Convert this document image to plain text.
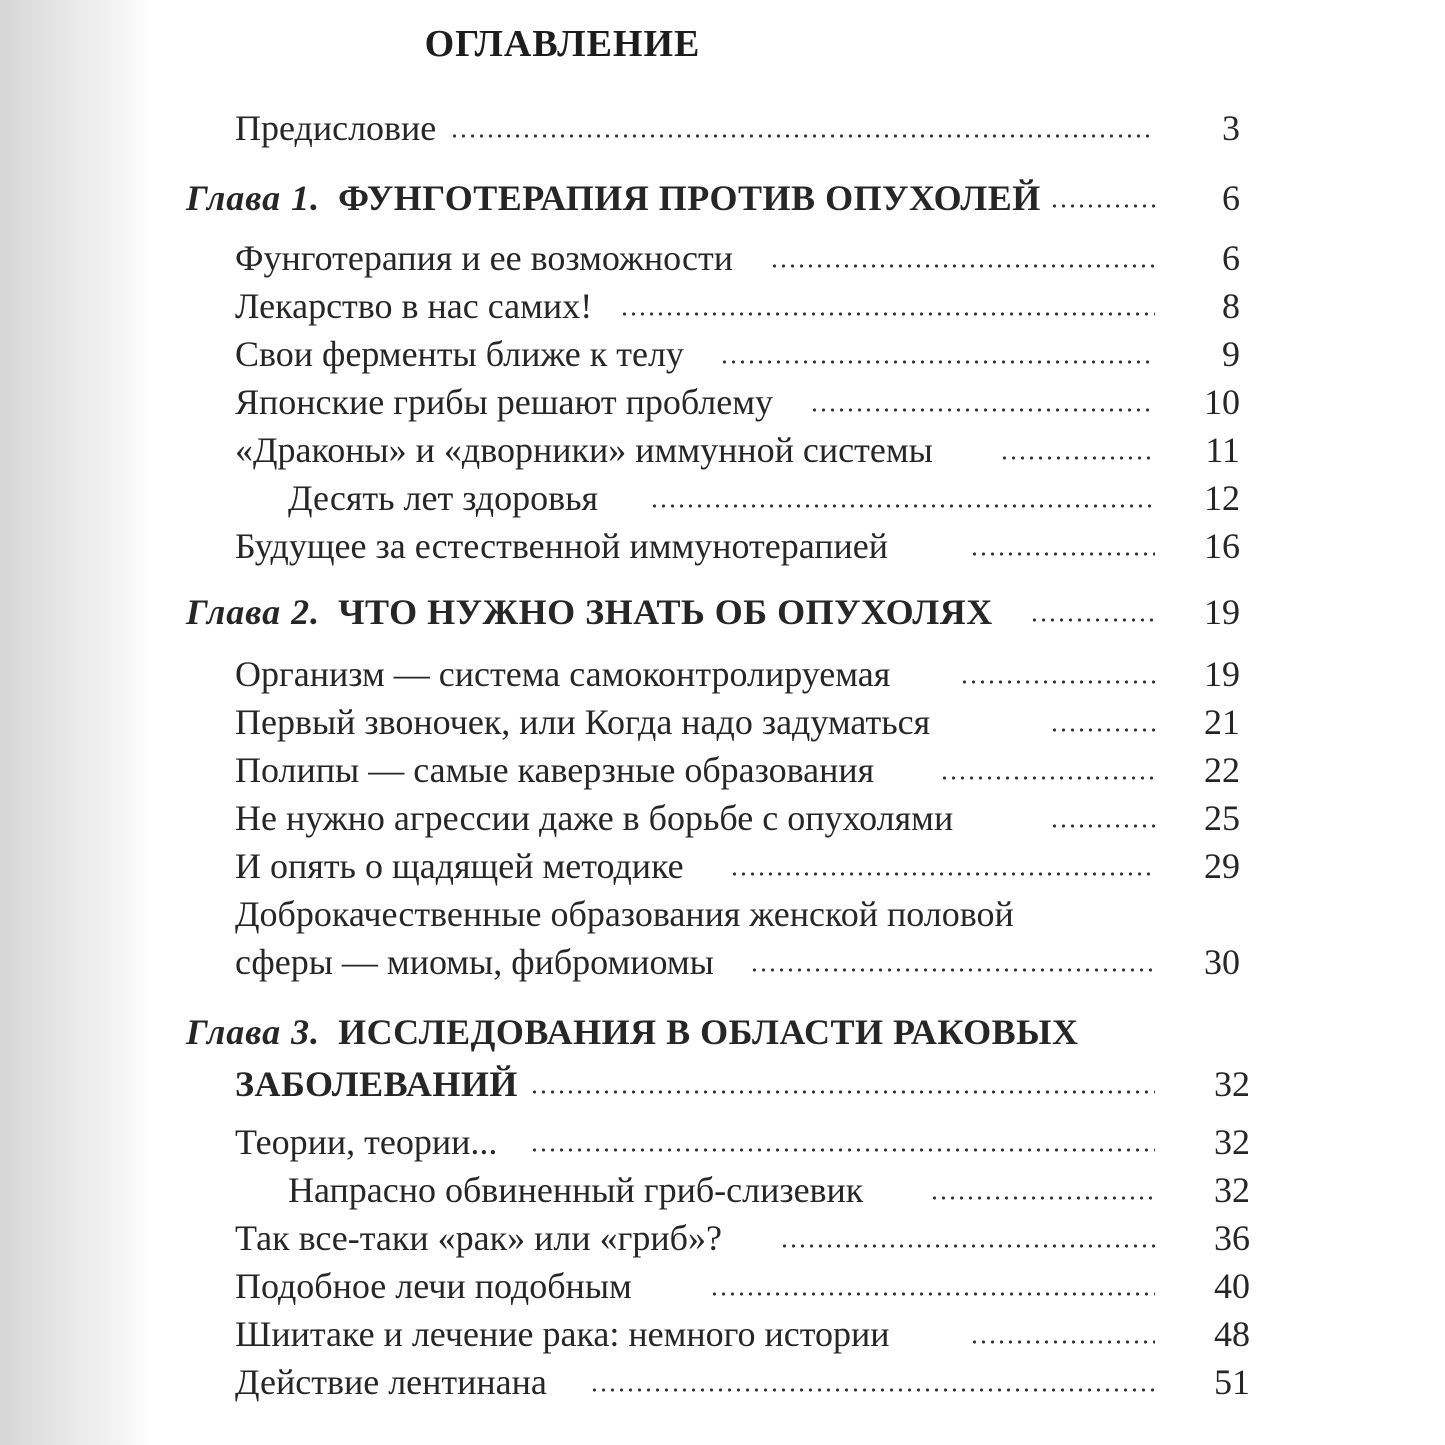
ОГЛАВЛЕНИЕ
Предисловие	3
Глава 1. ФУНГОТЕРАПИЯ ПРОТИВ ОПУХОЛЕЙ	6
Фунготерапия и ее возможности	6
Лекарство в нас самих!	8
Свои ферменты ближе к телу	9
Японские грибы решают проблему	10
«Драконы» и «дворники» иммунной системы	11
Десять лет здоровья	12
Будущее за естественной иммунотерапией	16
Глава 2. ЧТО НУЖНО ЗНАТЬ ОБ ОПУХОЛЯХ	19
Организм — система самоконтролируемая	19
Первый звоночек, или Когда надо задуматься	21
Полипы — самые каверзные образования	22
Не нужно агрессии даже в борьбе с опухолями	25
И опять о щадящей методике	29
Доброкачественные образования женской половой
сферы — миомы, фибромиомы	30
Глава 3. ИССЛЕДОВАНИЯ В ОБЛАСТИ РАКОВЫХ
ЗАБОЛЕВАНИЙ	32
Теории, теории...	32
Напрасно обвиненный гриб-слизевик	32
Так все-таки «рак» или «гриб»?	36
Подобное лечи подобным	40
Шиитаке и лечение рака: немного истории	48
Действие лентинана	51
